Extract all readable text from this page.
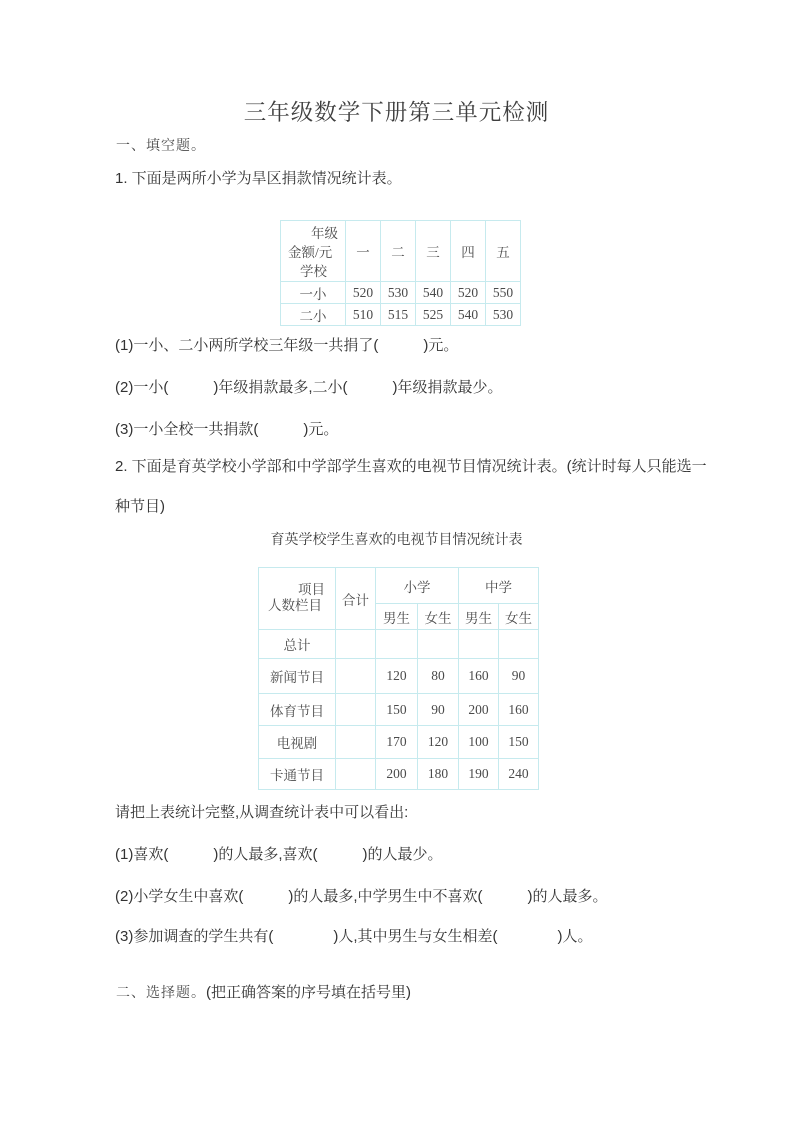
三年级数学下册第三单元检测
一、填空题。
1. 下面是两所小学为旱区捐款情况统计表。
年级
金额/元
学校	一	二	三	四	五
一小	520	530	540	520	550
二小	510	515	525	540	530
(1)一小、二小两所学校三年级一共捐了(　　　)元。
(2)一小(　　　)年级捐款最多,二小(　　　)年级捐款最少。
(3)一小全校一共捐款(　　　)元。
2. 下面是育英学校小学部和中学部学生喜欢的电视节目情况统计表。(统计时每人只能选一
种节目)
育英学校学生喜欢的电视节目情况统计表
项目
人数栏目	合计	小学		中学	
		男生	女生	男生	女生
总计					
新闻节目		120	80	160	90
体育节目		150	90	200	160
电视剧		170	120	100	150
卡通节目		200	180	190	240
请把上表统计完整,从调查统计表中可以看出:
(1)喜欢(　　　)的人最多,喜欢(　　　)的人最少。
(2)小学女生中喜欢(　　　)的人最多,中学男生中不喜欢(　　　)的人最多。
(3)参加调查的学生共有(　　　　)人,其中男生与女生相差(　　　　)人。
二、选择题。(把正确答案的序号填在括号里)
